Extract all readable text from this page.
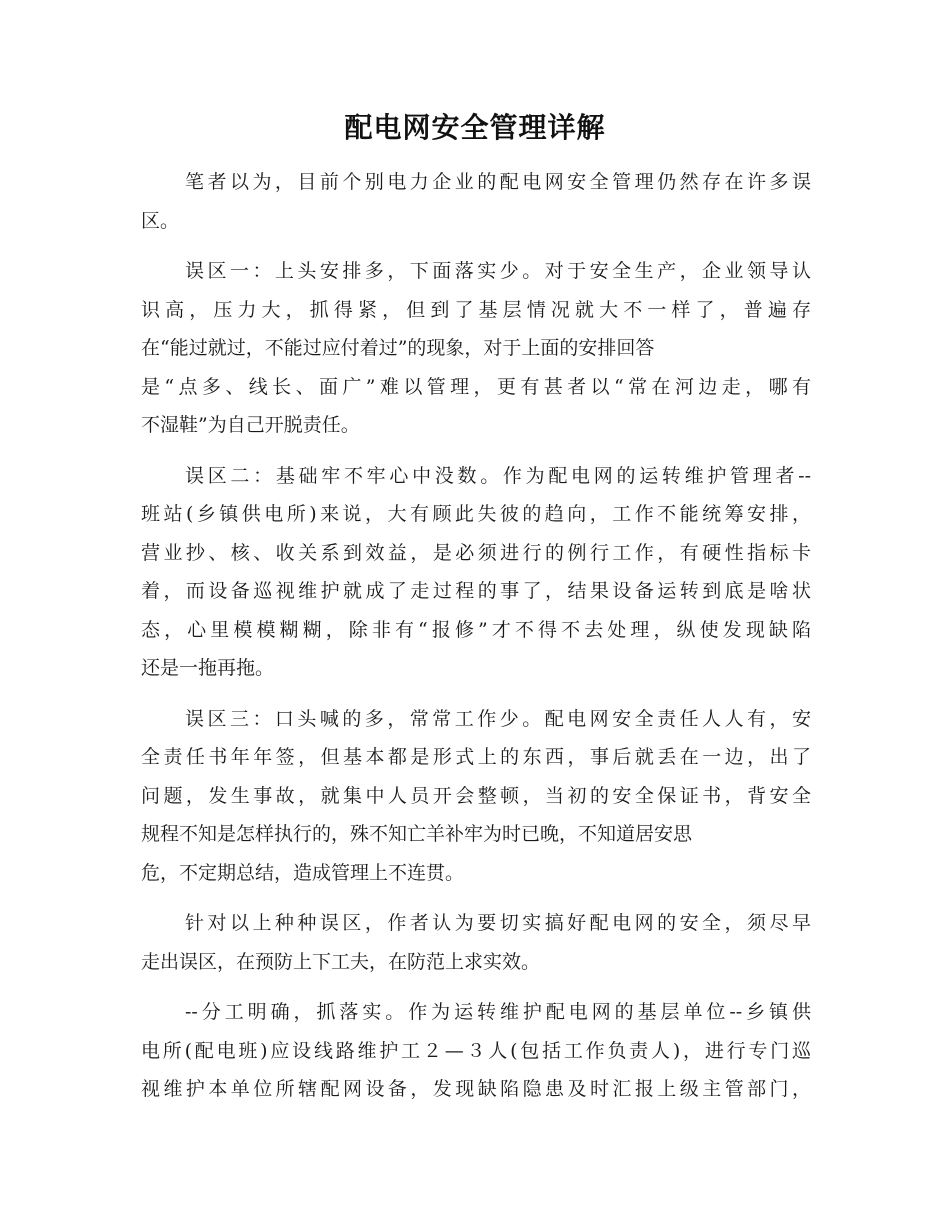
配电网安全管理详解
笔者以为，目前个别电力企业的配电网安全管理仍然存在许多误
区。
误区一：上头安排多，下面落实少。对于安全生产，企业领导认
识高，压力大，抓得紧，但到了基层情况就大不一样了，普遍存
在“能过就过，不能过应付着过”的现象，对于上面的安排回答
是“点多、线长、面广”难以管理，更有甚者以“常在河边走，哪有
不湿鞋”为自己开脱责任。
误区二：基础牢不牢心中没数。作为配电网的运转维护管理者--
班站(乡镇供电所)来说，大有顾此失彼的趋向，工作不能统筹安排，
营业抄、核、收关系到效益，是必须进行的例行工作，有硬性指标卡
着，而设备巡视维护就成了走过程的事了，结果设备运转到底是啥状
态，心里模模糊糊，除非有“报修”才不得不去处理，纵使发现缺陷
还是一拖再拖。
误区三：口头喊的多，常常工作少。配电网安全责任人人有，安
全责任书年年签，但基本都是形式上的东西，事后就丢在一边，出了
问题，发生事故，就集中人员开会整顿，当初的安全保证书，背安全
规程不知是怎样执行的，殊不知亡羊补牢为时已晚，不知道居安思
危，不定期总结，造成管理上不连贯。
针对以上种种误区，作者认为要切实搞好配电网的安全，须尽早
走出误区，在预防上下工夫，在防范上求实效。
--分工明确，抓落实。作为运转维护配电网的基层单位--乡镇供
电所(配电班)应设线路维护工２—３人(包括工作负责人)，进行专门巡
视维护本单位所辖配网设备，发现缺陷隐患及时汇报上级主管部门，
